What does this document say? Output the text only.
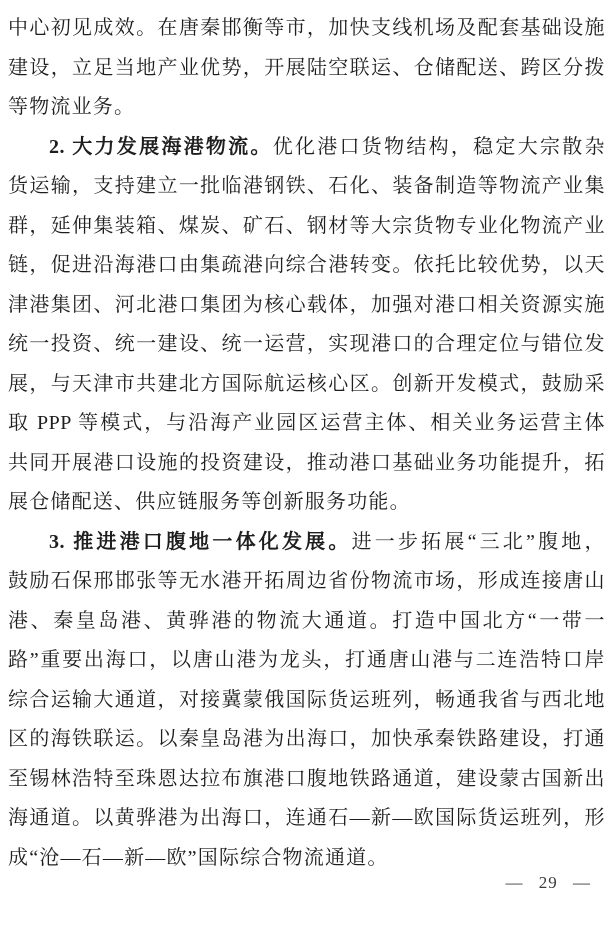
中心初见成效。在唐秦邯衡等市，加快支线机场及配套基础设施
建设，立足当地产业优势，开展陆空联运、仓储配送、跨区分拨
等物流业务。
2. 大力发展海港物流。优化港口货物结构，稳定大宗散杂
货运输，支持建立一批临港钢铁、石化、装备制造等物流产业集
群，延伸集装箱、煤炭、矿石、钢材等大宗货物专业化物流产业
链，促进沿海港口由集疏港向综合港转变。依托比较优势，以天
津港集团、河北港口集团为核心载体，加强对港口相关资源实施
统一投资、统一建设、统一运营，实现港口的合理定位与错位发
展，与天津市共建北方国际航运核心区。创新开发模式，鼓励采
取 PPP 等模式，与沿海产业园区运营主体、相关业务运营主体
共同开展港口设施的投资建设，推动港口基础业务功能提升，拓
展仓储配送、供应链服务等创新服务功能。
3. 推进港口腹地一体化发展。进一步拓展“三北”腹地，
鼓励石保邢邯张等无水港开拓周边省份物流市场，形成连接唐山
港、秦皇岛港、黄骅港的物流大通道。打造中国北方“一带一
路”重要出海口，以唐山港为龙头，打通唐山港与二连浩特口岸
综合运输大通道，对接冀蒙俄国际货运班列，畅通我省与西北地
区的海铁联运。以秦皇岛港为出海口，加快承秦铁路建设，打通
至锡林浩特至珠恩达拉布旗港口腹地铁路通道，建设蒙古国新出
海通道。以黄骅港为出海口，连通石—新—欧国际货运班列，形
成“沧—石—新—欧”国际综合物流通道。
— 29 —
